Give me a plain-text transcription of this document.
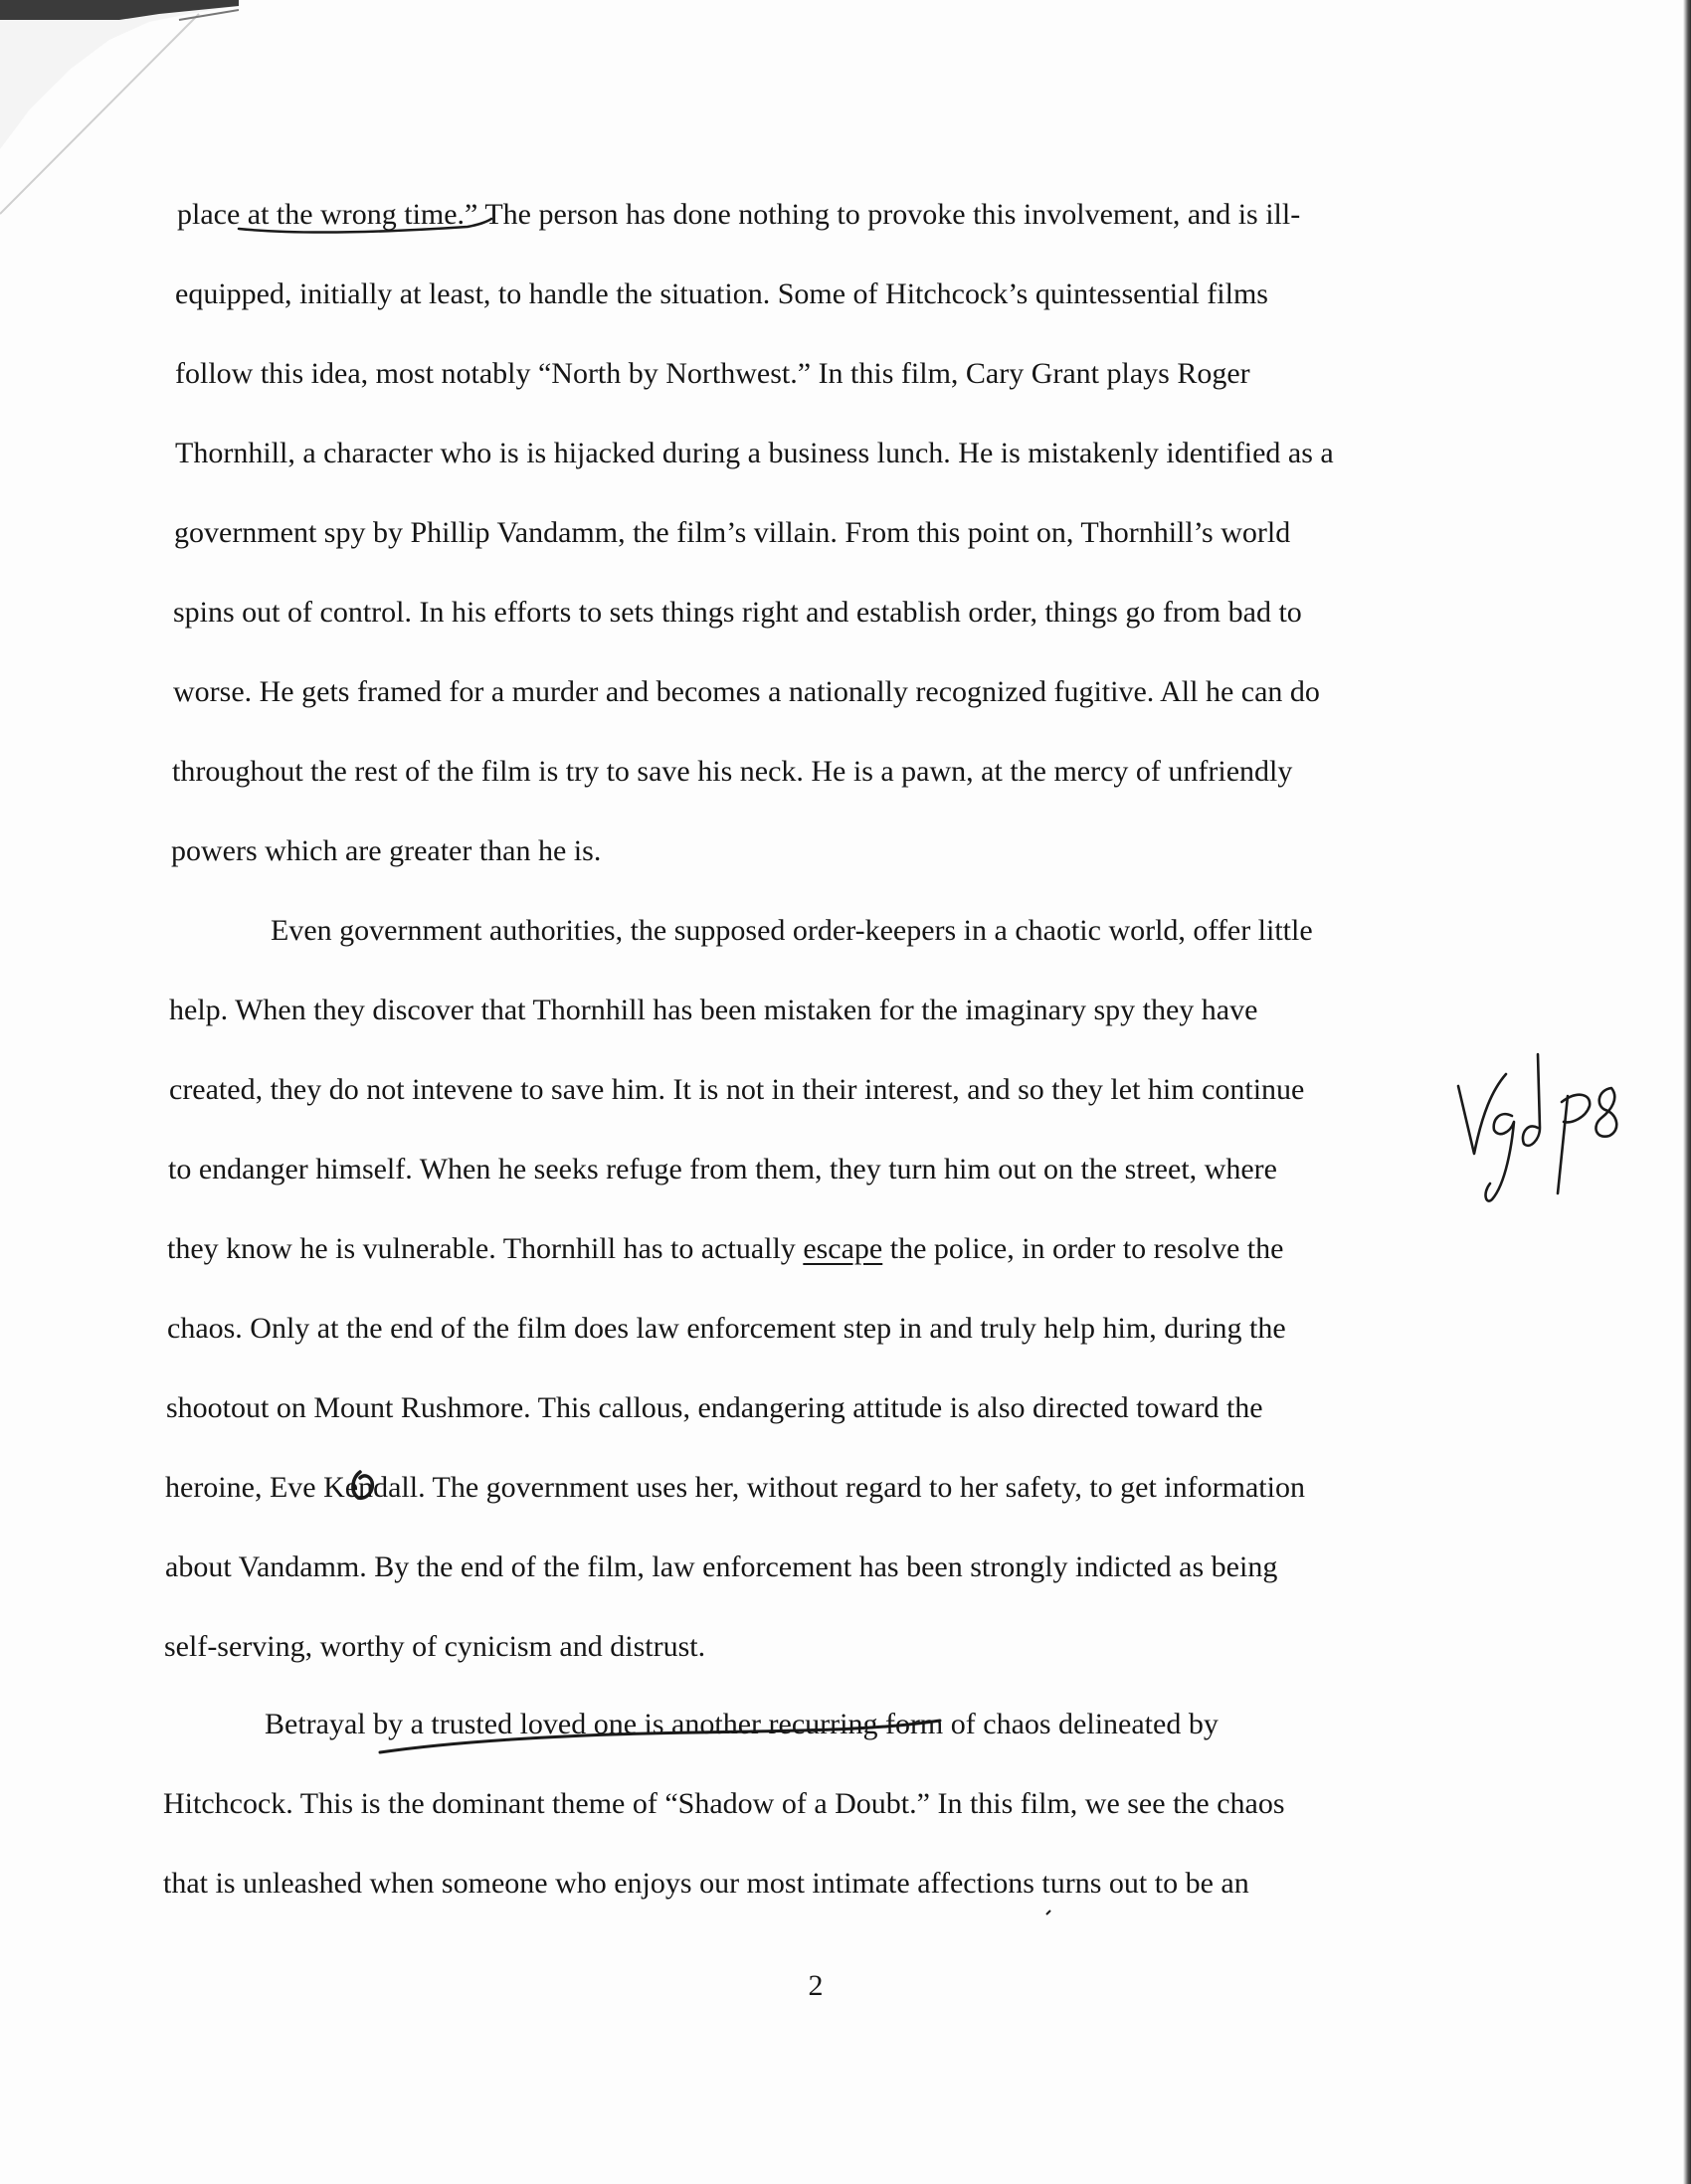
2
place at the wrong time.” The person has done nothing to provoke this involvement, and is ill-
equipped, initially at least, to handle the situation. Some of Hitchcock’s quintessential films
follow this idea, most notably “North by Northwest.” In this film, Cary Grant plays Roger
Thornhill, a character who is is hijacked during a business lunch. He is mistakenly identified as a
government spy by Phillip Vandamm, the film’s villain. From this point on, Thornhill’s world
spins out of control. In his efforts to sets things right and establish order, things go from bad to
worse. He gets framed for a murder and becomes a nationally recognized fugitive. All he can do
throughout the rest of the film is try to save his neck. He is a pawn, at the mercy of unfriendly
powers which are greater than he is.
Even government authorities, the supposed order-keepers in a chaotic world, offer little
help. When they discover that Thornhill has been mistaken for the imaginary spy they have
created, they do not intevene to save him. It is not in their interest, and so they let him continue
to endanger himself. When he seeks refuge from them, they turn him out on the street, where
they know he is vulnerable. Thornhill has to actually escape the police, in order to resolve the
chaos. Only at the end of the film does law enforcement step in and truly help him, during the
shootout on Mount Rushmore. This callous, endangering attitude is also directed toward the
heroine, Eve Kendall. The government uses her, without regard to her safety, to get information
about Vandamm. By the end of the film, law enforcement has been strongly indicted as being
self-serving, worthy of cynicism and distrust.
Betrayal by a trusted loved one is another recurring form of chaos delineated by
Hitchcock. This is the dominant theme of “Shadow of a Doubt.” In this film, we see the chaos
that is unleashed when someone who enjoys our most intimate affections turns out to be an
